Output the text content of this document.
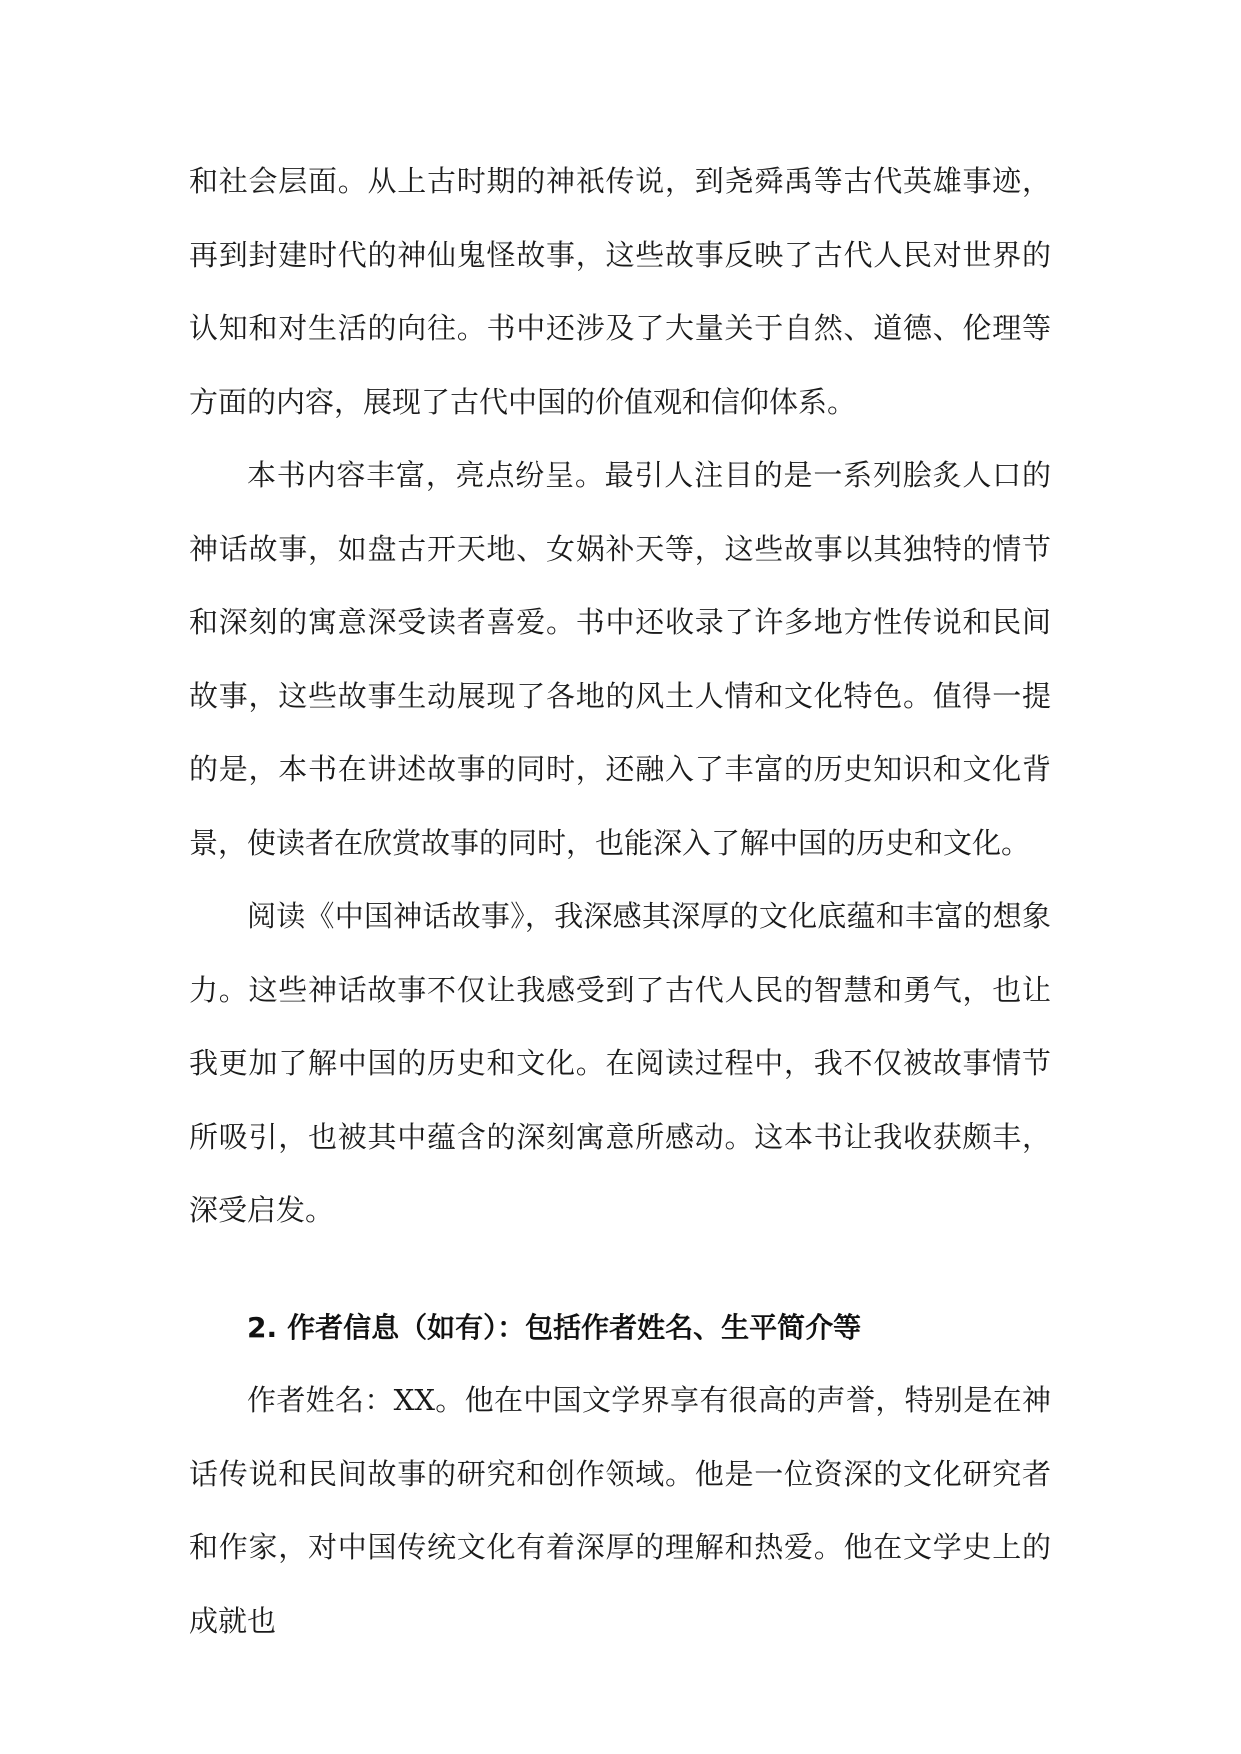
和社会层面。从上古时期的神祇传说，到尧舜禹等古代英雄事迹，再到封建时代的神仙鬼怪故事，这些故事反映了古代人民对世界的认知和对生活的向往。书中还涉及了大量关于自然、道德、伦理等方面的内容，展现了古代中国的价值观和信仰体系。

本书内容丰富，亮点纷呈。最引人注目的是一系列脍炙人口的神话故事，如盘古开天地、女娲补天等，这些故事以其独特的情节和深刻的寓意深受读者喜爱。书中还收录了许多地方性传说和民间故事，这些故事生动展现了各地的风土人情和文化特色。值得一提的是，本书在讲述故事的同时，还融入了丰富的历史知识和文化背景，使读者在欣赏故事的同时，也能深入了解中国的历史和文化。

阅读《中国神话故事》，我深感其深厚的文化底蕴和丰富的想象力。这些神话故事不仅让我感受到了古代人民的智慧和勇气，也让我更加了解中国的历史和文化。在阅读过程中，我不仅被故事情节所吸引，也被其中蕴含的深刻寓意所感动。这本书让我收获颇丰，深受启发。

2. 作者信息（如有）：包括作者姓名、生平简介等

作者姓名：XX。他在中国文学界享有很高的声誉，特别是在神话传说和民间故事的研究和创作领域。他是一位资深的文化研究者和作家，对中国传统文化有着深厚的理解和热爱。他在文学史上的成就也
